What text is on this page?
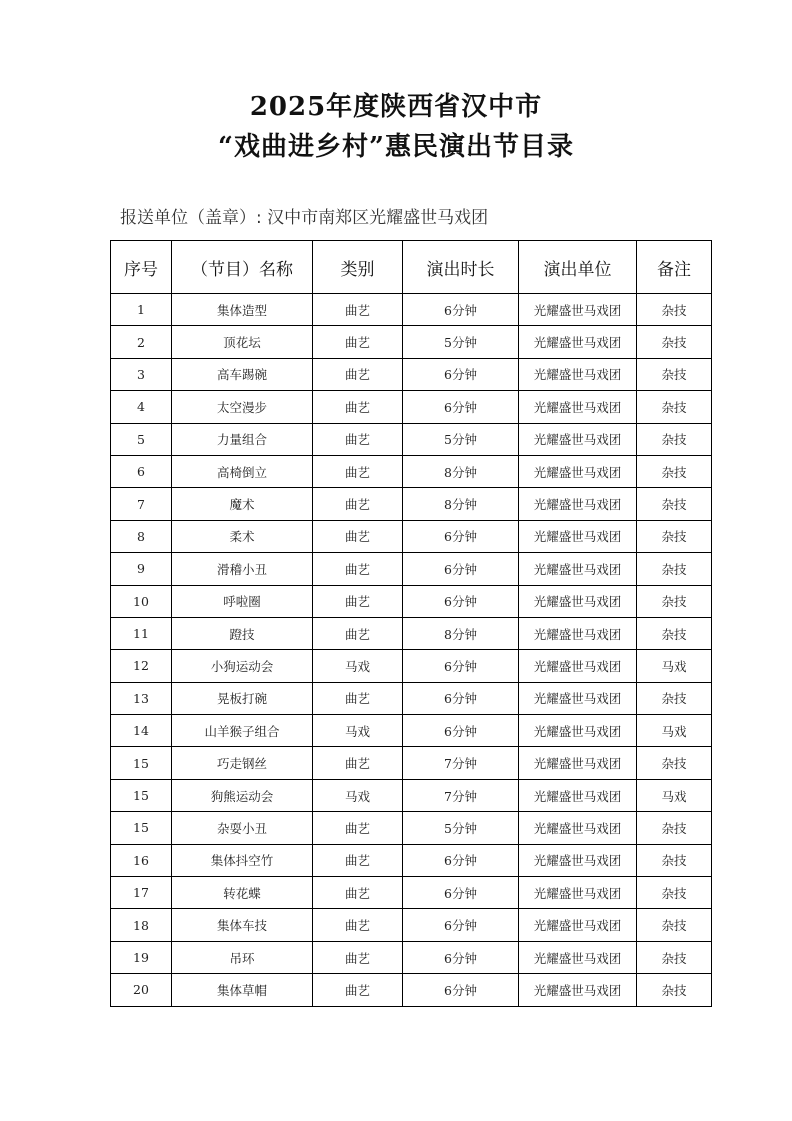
2025年度陕西省汉中市
“戏曲进乡村”惠民演出节目录
报送单位（盖章）: 汉中市南郑区光耀盛世马戏团
序号	（节目）名称	类别	演出时长	演出单位	备注
1	集体造型	曲艺	6分钟	光耀盛世马戏团	杂技
2	顶花坛	曲艺	5分钟	光耀盛世马戏团	杂技
3	高车踢碗	曲艺	6分钟	光耀盛世马戏团	杂技
4	太空漫步	曲艺	6分钟	光耀盛世马戏团	杂技
5	力量组合	曲艺	5分钟	光耀盛世马戏团	杂技
6	高椅倒立	曲艺	8分钟	光耀盛世马戏团	杂技
7	魔术	曲艺	8分钟	光耀盛世马戏团	杂技
8	柔术	曲艺	6分钟	光耀盛世马戏团	杂技
9	滑稽小丑	曲艺	6分钟	光耀盛世马戏团	杂技
10	呼啦圈	曲艺	6分钟	光耀盛世马戏团	杂技
11	蹬技	曲艺	8分钟	光耀盛世马戏团	杂技
12	小狗运动会	马戏	6分钟	光耀盛世马戏团	马戏
13	晃板打碗	曲艺	6分钟	光耀盛世马戏团	杂技
14	山羊猴子组合	马戏	6分钟	光耀盛世马戏团	马戏
15	巧走钢丝	曲艺	7分钟	光耀盛世马戏团	杂技
15	狗熊运动会	马戏	7分钟	光耀盛世马戏团	马戏
15	杂耍小丑	曲艺	5分钟	光耀盛世马戏团	杂技
16	集体抖空竹	曲艺	6分钟	光耀盛世马戏团	杂技
17	转花蝶	曲艺	6分钟	光耀盛世马戏团	杂技
18	集体车技	曲艺	6分钟	光耀盛世马戏团	杂技
19	吊环	曲艺	6分钟	光耀盛世马戏团	杂技
20	集体草帽	曲艺	6分钟	光耀盛世马戏团	杂技
